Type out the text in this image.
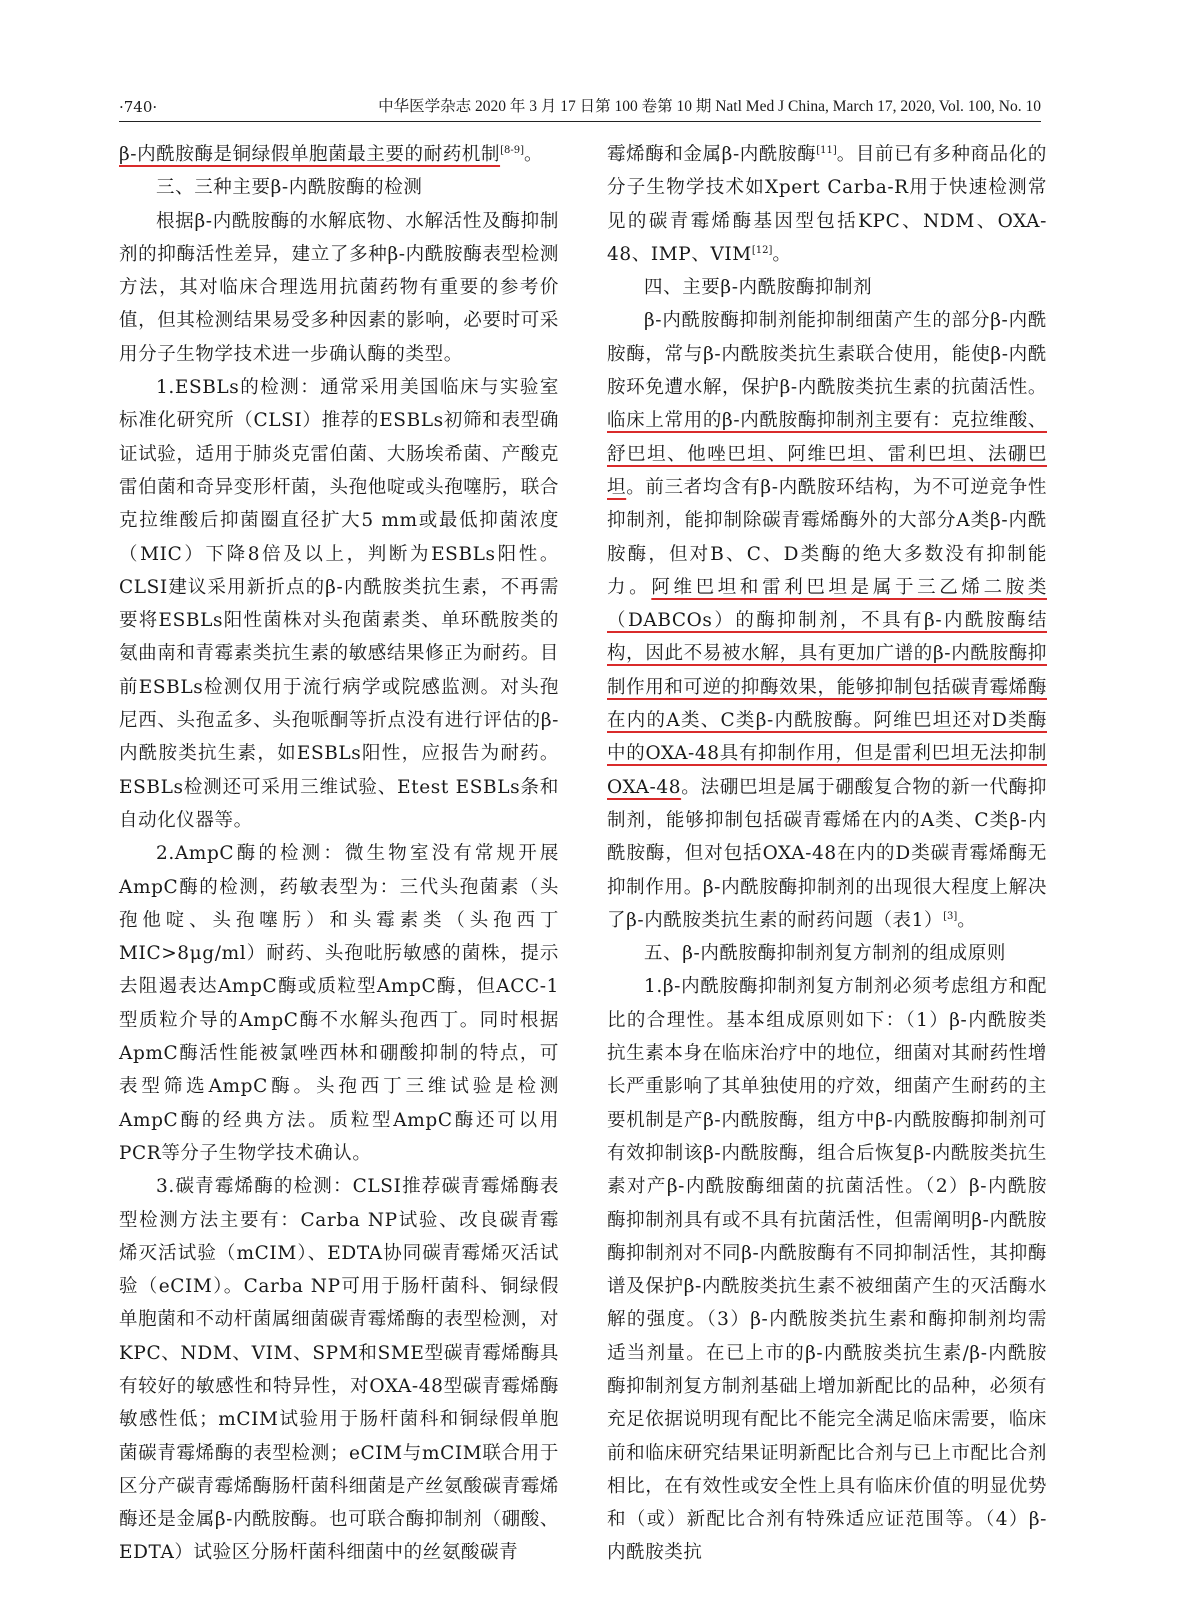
·740·	中华医学杂志 2020 年 3 月 17 日第 100 卷第 10 期 Natl Med J China, March 17, 2020, Vol. 100, No. 10

β-内酰胺酶是铜绿假单胞菌最主要的耐药机制[8-9]。

三、三种主要β-内酰胺酶的检测

根据β-内酰胺酶的水解底物、水解活性及酶抑制剂的抑酶活性差异，建立了多种β-内酰胺酶表型检测方法，其对临床合理选用抗菌药物有重要的参考价值，但其检测结果易受多种因素的影响，必要时可采用分子生物学技术进一步确认酶的类型。

1.ESBLs的检测：通常采用美国临床与实验室标准化研究所（CLSI）推荐的ESBLs初筛和表型确证试验，适用于肺炎克雷伯菌、大肠埃希菌、产酸克雷伯菌和奇异变形杆菌，头孢他啶或头孢噻肟，联合克拉维酸后抑菌圈直径扩大5 mm或最低抑菌浓度（MIC）下降8倍及以上，判断为ESBLs阳性。CLSI建议采用新折点的β-内酰胺类抗生素，不再需要将ESBLs阳性菌株对头孢菌素类、单环酰胺类的氨曲南和青霉素类抗生素的敏感结果修正为耐药。目前ESBLs检测仅用于流行病学或院感监测。对头孢尼西、头孢孟多、头孢哌酮等折点没有进行评估的β-内酰胺类抗生素，如ESBLs阳性，应报告为耐药。ESBLs检测还可采用三维试验、Etest ESBLs条和自动化仪器等。

2.AmpC酶的检测：微生物室没有常规开展AmpC酶的检测，药敏表型为：三代头孢菌素（头孢他啶、头孢噻肟）和头霉素类（头孢西丁MIC>8μg/ml）耐药、头孢吡肟敏感的菌株，提示去阻遏表达AmpC酶或质粒型AmpC酶，但ACC-1型质粒介导的AmpC酶不水解头孢西丁。同时根据ApmC酶活性能被氯唑西林和硼酸抑制的特点，可表型筛选AmpC酶。头孢西丁三维试验是检测AmpC酶的经典方法。质粒型AmpC酶还可以用PCR等分子生物学技术确认。

3.碳青霉烯酶的检测：CLSI推荐碳青霉烯酶表型检测方法主要有：Carba NP试验、改良碳青霉烯灭活试验（mCIM）、EDTA协同碳青霉烯灭活试验（eCIM）。Carba NP可用于肠杆菌科、铜绿假单胞菌和不动杆菌属细菌碳青霉烯酶的表型检测，对KPC、NDM、VIM、SPM和SME型碳青霉烯酶具有较好的敏感性和特异性，对OXA-48型碳青霉烯酶敏感性低；mCIM试验用于肠杆菌科和铜绿假单胞菌碳青霉烯酶的表型检测；eCIM与mCIM联合用于区分产碳青霉烯酶肠杆菌科细菌是产丝氨酸碳青霉烯酶还是金属β-内酰胺酶。也可联合酶抑制剂（硼酸、EDTA）试验区分肠杆菌科细菌中的丝氨酸碳青

霉烯酶和金属β-内酰胺酶[11]。目前已有多种商品化的分子生物学技术如Xpert Carba-R用于快速检测常见的碳青霉烯酶基因型包括KPC、NDM、OXA-48、IMP、VIM[12]。

四、主要β-内酰胺酶抑制剂

β-内酰胺酶抑制剂能抑制细菌产生的部分β-内酰胺酶，常与β-内酰胺类抗生素联合使用，能使β-内酰胺环免遭水解，保护β-内酰胺类抗生素的抗菌活性。临床上常用的β-内酰胺酶抑制剂主要有：克拉维酸、舒巴坦、他唑巴坦、阿维巴坦、雷利巴坦、法硼巴坦。前三者均含有β-内酰胺环结构，为不可逆竞争性抑制剂，能抑制除碳青霉烯酶外的大部分A类β-内酰胺酶，但对B、C、D类酶的绝大多数没有抑制能力。阿维巴坦和雷利巴坦是属于三乙烯二胺类（DABCOs）的酶抑制剂，不具有β-内酰胺酶结构，因此不易被水解，具有更加广谱的β-内酰胺酶抑制作用和可逆的抑酶效果，能够抑制包括碳青霉烯酶在内的A类、C类β-内酰胺酶。阿维巴坦还对D类酶中的OXA-48具有抑制作用，但是雷利巴坦无法抑制OXA-48。法硼巴坦是属于硼酸复合物的新一代酶抑制剂，能够抑制包括碳青霉烯在内的A类、C类β-内酰胺酶，但对包括OXA-48在内的D类碳青霉烯酶无抑制作用。β-内酰胺酶抑制剂的出现很大程度上解决了β-内酰胺类抗生素的耐药问题（表1）[3]。

五、β-内酰胺酶抑制剂复方制剂的组成原则

1.β-内酰胺酶抑制剂复方制剂必须考虑组方和配比的合理性。基本组成原则如下：（1）β-内酰胺类抗生素本身在临床治疗中的地位，细菌对其耐药性增长严重影响了其单独使用的疗效，细菌产生耐药的主要机制是产β-内酰胺酶，组方中β-内酰胺酶抑制剂可有效抑制该β-内酰胺酶，组合后恢复β-内酰胺类抗生素对产β-内酰胺酶细菌的抗菌活性。（2）β-内酰胺酶抑制剂具有或不具有抗菌活性，但需阐明β-内酰胺酶抑制剂对不同β-内酰胺酶有不同抑制活性，其抑酶谱及保护β-内酰胺类抗生素不被细菌产生的灭活酶水解的强度。（3）β-内酰胺类抗生素和酶抑制剂均需适当剂量。在已上市的β-内酰胺类抗生素/β-内酰胺酶抑制剂复方制剂基础上增加新配比的品种，必须有充足依据说明现有配比不能完全满足临床需要，临床前和临床研究结果证明新配比合剂与已上市配比合剂相比，在有效性或安全性上具有临床价值的明显优势和（或）新配比合剂有特殊适应证范围等。（4）β-内酰胺类抗
